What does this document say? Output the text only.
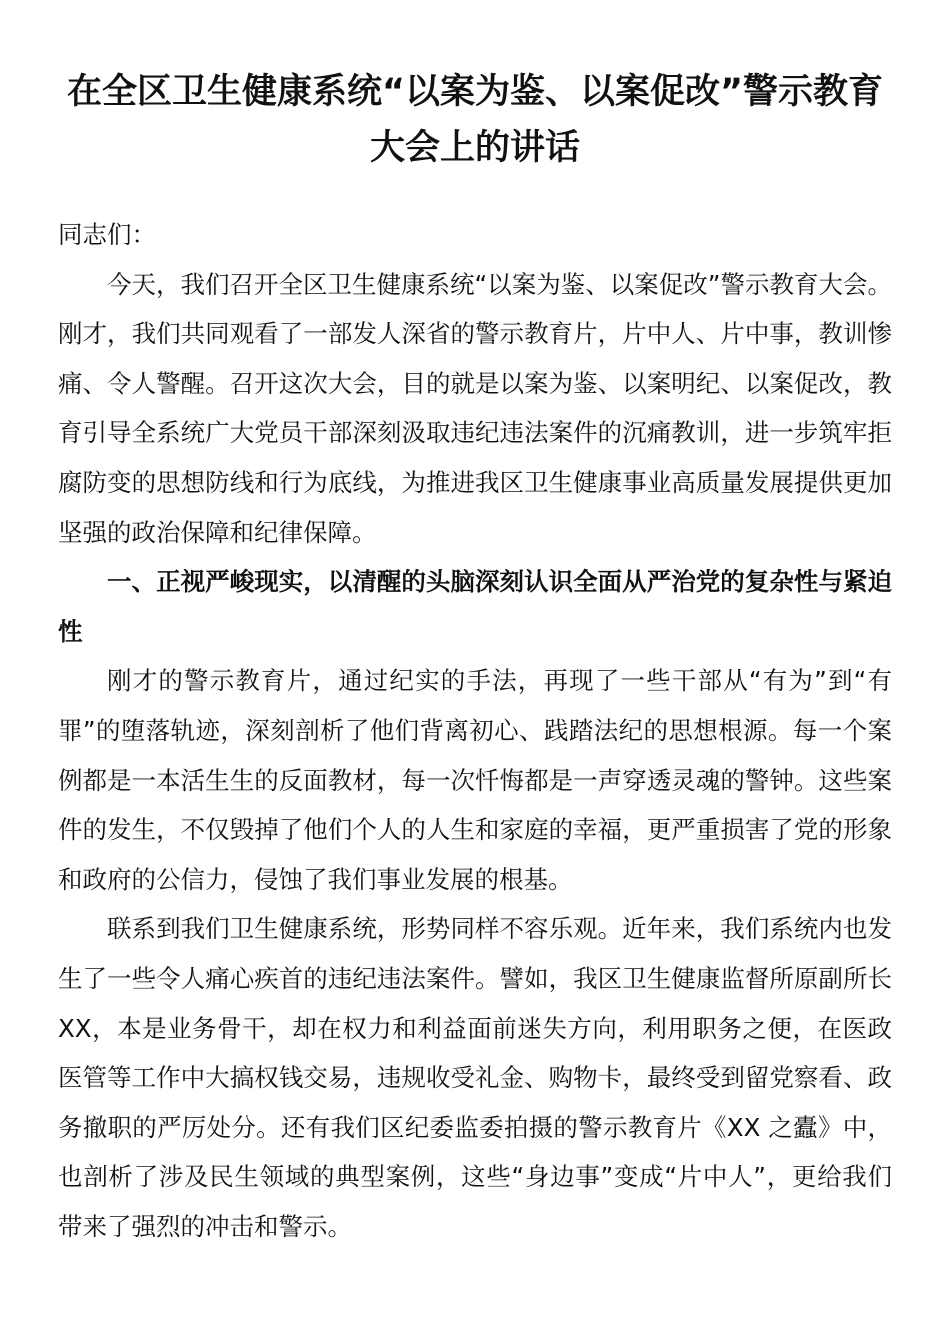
在全区卫生健康系统“以案为鉴、以案促改”警示教育大会上的讲话

同志们：

今天，我们召开全区卫生健康系统“以案为鉴、以案促改”警示教育大会。刚才，我们共同观看了一部发人深省的警示教育片，片中人、片中事，教训惨痛、令人警醒。召开这次大会，目的就是以案为鉴、以案明纪、以案促改，教育引导全系统广大党员干部深刻汲取违纪违法案件的沉痛教训，进一步筑牢拒腐防变的思想防线和行为底线，为推进我区卫生健康事业高质量发展提供更加坚强的政治保障和纪律保障。

一、正视严峻现实，以清醒的头脑深刻认识全面从严治党的复杂性与紧迫性

刚才的警示教育片，通过纪实的手法，再现了一些干部从“有为”到“有罪”的堕落轨迹，深刻剖析了他们背离初心、践踏法纪的思想根源。每一个案例都是一本活生生的反面教材，每一次忏悔都是一声穿透灵魂的警钟。这些案件的发生，不仅毁掉了他们个人的人生和家庭的幸福，更严重损害了党的形象和政府的公信力，侵蚀了我们事业发展的根基。

联系到我们卫生健康系统，形势同样不容乐观。近年来，我们系统内也发生了一些令人痛心疾首的违纪违法案件。譬如，我区卫生健康监督所原副所长 XX，本是业务骨干，却在权力和利益面前迷失方向，利用职务之便，在医政医管等工作中大搞权钱交易，违规收受礼金、购物卡，最终受到留党察看、政务撤职的严厉处分。还有我们区纪委监委拍摄的警示教育片《XX 之蠹》中，也剖析了涉及民生领域的典型案例，这些“身边事”变成“片中人”，更给我们带来了强烈的冲击和警示。
